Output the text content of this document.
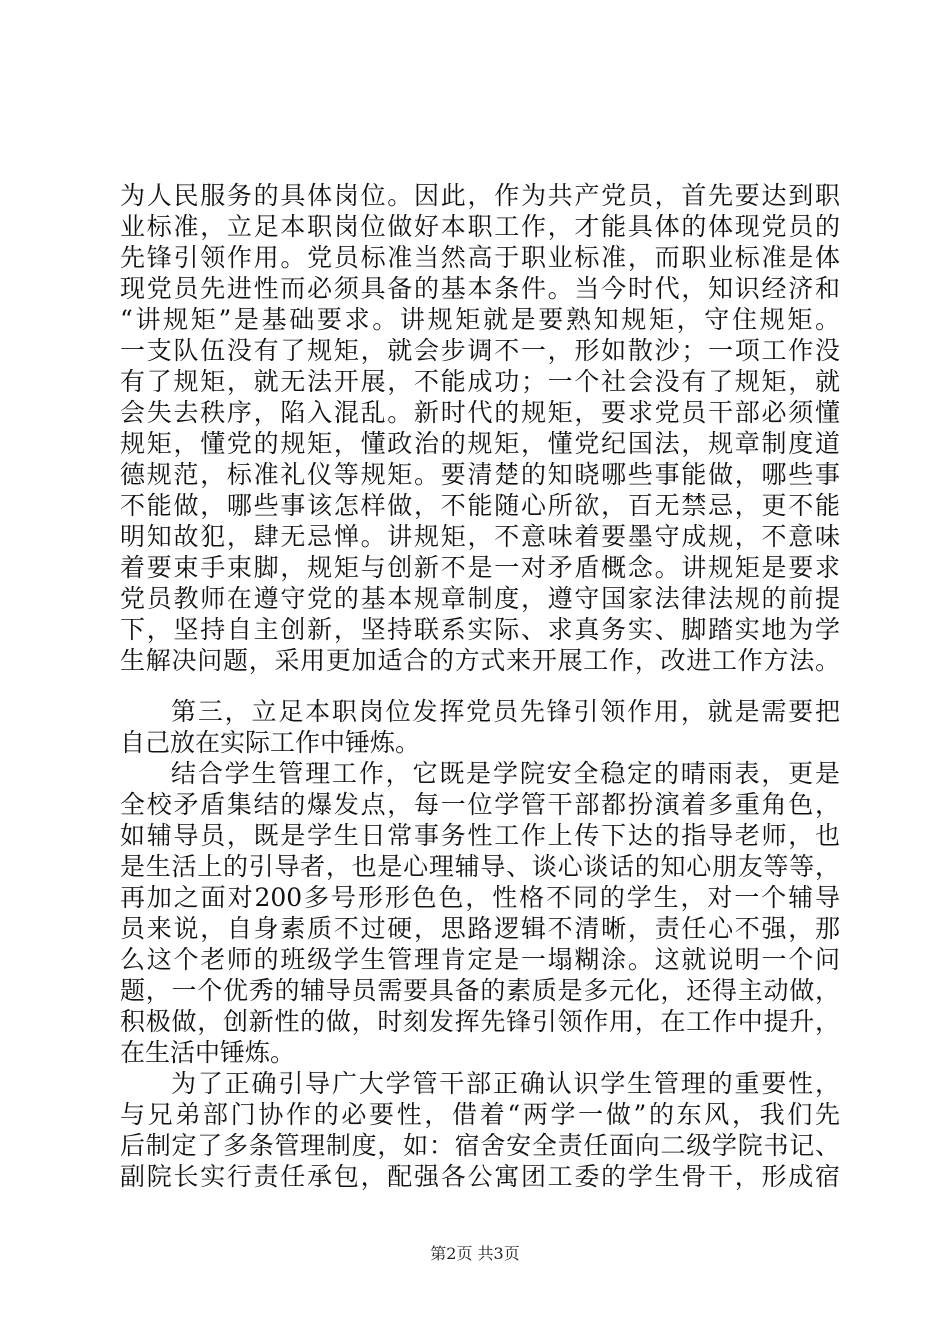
为人民服务的具体岗位。因此，作为共产党员，首先要达到职
业标准，立足本职岗位做好本职工作，才能具体的体现党员的
先锋引领作用。党员标准当然高于职业标准，而职业标准是体
现党员先进性而必须具备的基本条件。当今时代，知识经济和
“讲规矩”是基础要求。讲规矩就是要熟知规矩，守住规矩。
一支队伍没有了规矩，就会步调不一，形如散沙；一项工作没
有了规矩，就无法开展，不能成功；一个社会没有了规矩，就
会失去秩序，陷入混乱。新时代的规矩，要求党员干部必须懂
规矩，懂党的规矩，懂政治的规矩，懂党纪国法，规章制度道
德规范，标准礼仪等规矩。要清楚的知晓哪些事能做，哪些事
不能做，哪些事该怎样做，不能随心所欲，百无禁忌，更不能
明知故犯，肆无忌惮。讲规矩，不意味着要墨守成规，不意味
着要束手束脚，规矩与创新不是一对矛盾概念。讲规矩是要求
党员教师在遵守党的基本规章制度，遵守国家法律法规的前提
下，坚持自主创新，坚持联系实际、求真务实、脚踏实地为学
生解决问题，采用更加适合的方式来开展工作，改进工作方法。
第三，立足本职岗位发挥党员先锋引领作用，就是需要把
自己放在实际工作中锤炼。
结合学生管理工作，它既是学院安全稳定的晴雨表，更是
全校矛盾集结的爆发点，每一位学管干部都扮演着多重角色，
如辅导员，既是学生日常事务性工作上传下达的指导老师，也
是生活上的引导者，也是心理辅导、谈心谈话的知心朋友等等，
再加之面对200多号形形色色，性格不同的学生，对一个辅导
员来说，自身素质不过硬，思路逻辑不清晰，责任心不强，那
么这个老师的班级学生管理肯定是一塌糊涂。这就说明一个问
题，一个优秀的辅导员需要具备的素质是多元化，还得主动做，
积极做，创新性的做，时刻发挥先锋引领作用，在工作中提升，
在生活中锤炼。
为了正确引导广大学管干部正确认识学生管理的重要性，
与兄弟部门协作的必要性，借着“两学一做”的东风，我们先
后制定了多条管理制度，如：宿舍安全责任面向二级学院书记、
副院长实行责任承包，配强各公寓团工委的学生骨干，形成宿
第2页 共3页
